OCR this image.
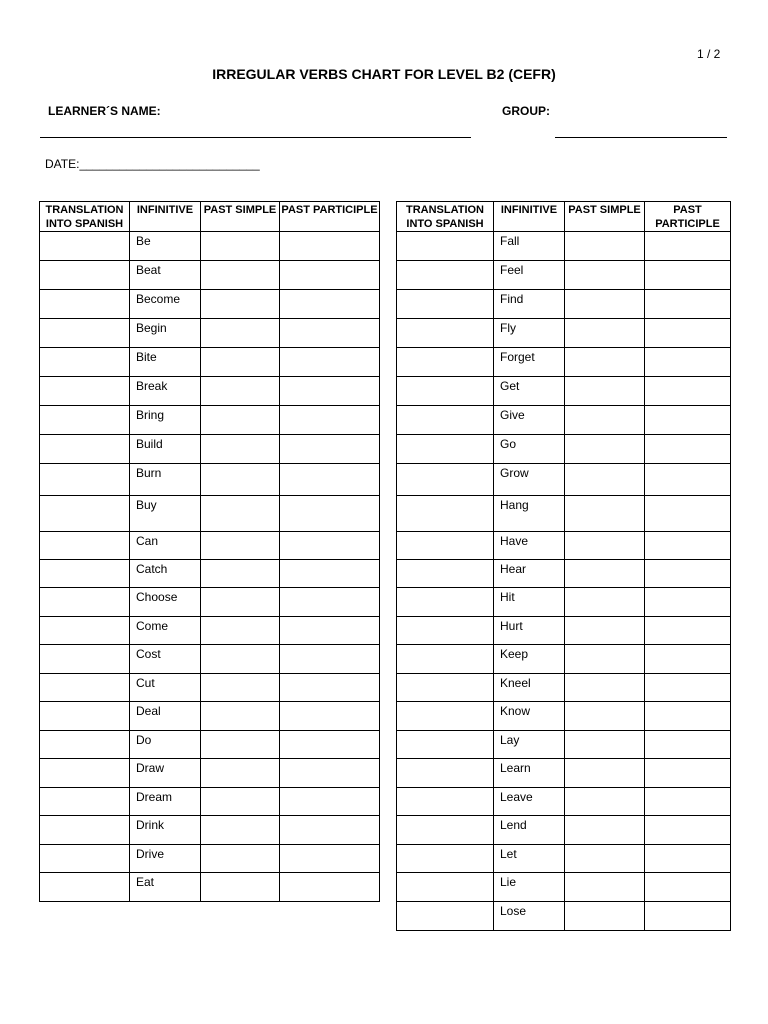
1 / 2
IRREGULAR VERBS CHART FOR LEVEL B2 (CEFR)
LEARNER´S NAME:	GROUP:
DATE:___________________________
TRANSLATION INTO SPANISH	INFINITIVE	PAST SIMPLE	PAST PARTICIPLE
	Be		
	Beat		
	Become		
	Begin		
	Bite		
	Break		
	Bring		
	Build		
	Burn		
	Buy		
	Can		
	Catch		
	Choose		
	Come		
	Cost		
	Cut		
	Deal		
	Do		
	Draw		
	Dream		
	Drink		
	Drive		
	Eat		
TRANSLATION INTO SPANISH	INFINITIVE	PAST SIMPLE	PAST PARTICIPLE
	Fall		
	Feel		
	Find		
	Fly		
	Forget		
	Get		
	Give		
	Go		
	Grow		
	Hang		
	Have		
	Hear		
	Hit		
	Hurt		
	Keep		
	Kneel		
	Know		
	Lay		
	Learn		
	Leave		
	Lend		
	Let		
	Lie		
	Lose		
